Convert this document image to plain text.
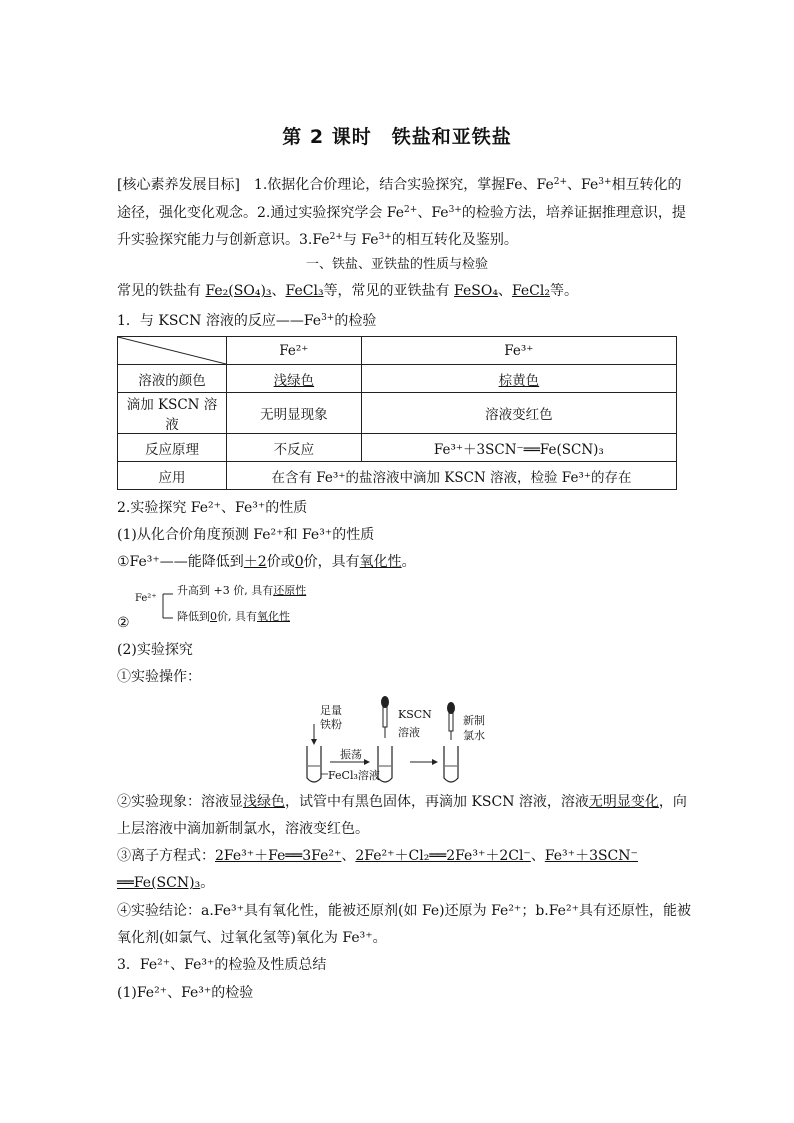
第 2 课时　铁盐和亚铁盐
[核心素养发展目标]　1.依据化合价理论，结合实验探究，掌握Fe、$Fe^{2+}$、$Fe^{3+}$相互转化的
途径，强化变化观念。2.通过实验探究学会 $Fe^{2+}$、$Fe^{3+}$的检验方法，培养证据推理意识，提
升实验探究能力与创新意识。$3.Fe^{2+}$与 $Fe^{3+}$的相互转化及鉴别。
一、铁盐、亚铁盐的性质与检验
常见的铁盐有 Fe₂(SO₄)₃、FeCl₃等，常见的亚铁盐有 FeSO₄、FeCl₂等。
1．与 KSCN 溶液的反应$——Fe^{3+}$的检验
	Fe²⁺	Fe³⁺
溶液的颜色	浅绿色	棕黄色
滴加 KSCN 溶液	无明显现象	溶液变红色
反应原理	不反应	Fe³⁺＋3SCN⁻══Fe(SCN)₃
应用	在含有 Fe³⁺的盐溶液中滴加 KSCN 溶液，检验 Fe³⁺的存在	
2.实验探究 Fe²⁺、Fe³⁺的性质
(1)从化合价角度预测 Fe²⁺和 Fe³⁺的性质
①Fe³⁺——能降低到＋2价或0价，具有氧化性。
Fe²⁺
升高到 +3 价, 具有还原性
降低到0价, 具有氧化性
②
(2)实验探究
①实验操作：
足量
铁粉
振荡
FeCl₃溶液
KSCN
溶液
新制
氯水
②实验现象：溶液显浅绿色，试管中有黑色固体，再滴加 KSCN 溶液，溶液无明显变化，向
上层溶液中滴加新制氯水，溶液变红色。
③离子方程式：2Fe³⁺＋Fe══3Fe²⁺、2Fe²⁺＋Cl₂══2Fe³⁺＋2Cl⁻、Fe³⁺＋3SCN⁻
══Fe(SCN)₃。
④实验结论：a.Fe³⁺具有氧化性，能被还原剂(如 Fe)还原为 Fe²⁺；b.Fe²⁺具有还原性，能被
氧化剂(如氯气、过氧化氢等)氧化为 Fe³⁺。
3．Fe²⁺、Fe³⁺的检验及性质总结
(1)Fe²⁺、Fe³⁺的检验
